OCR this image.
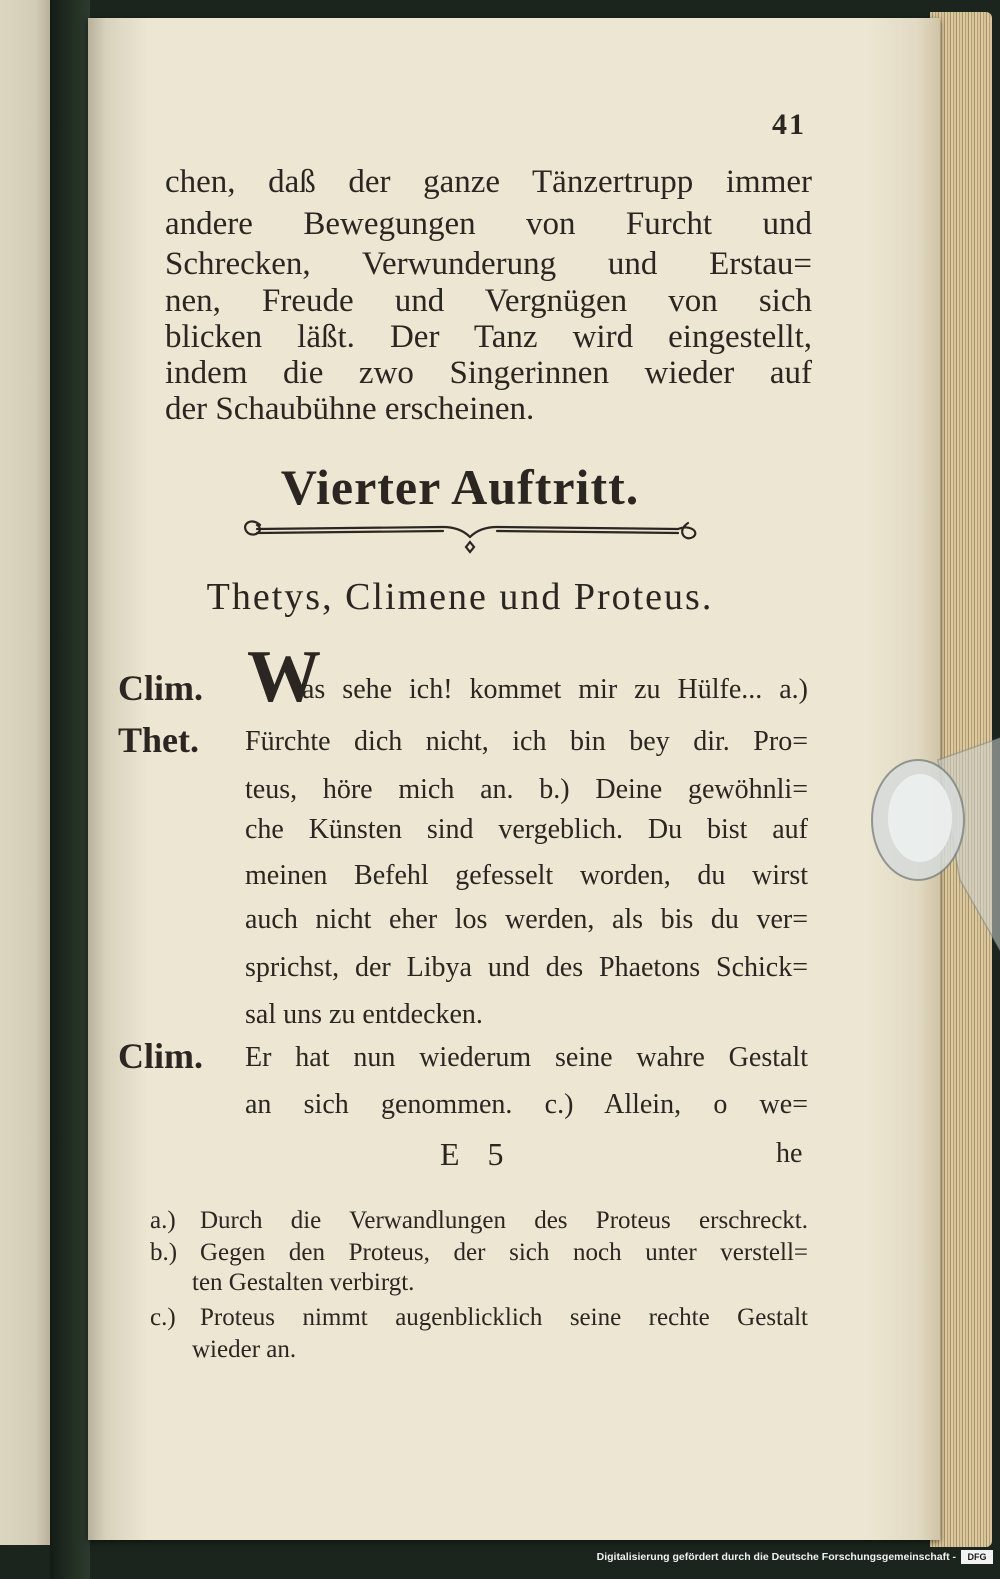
41

chen, daß der ganze Tänzertrupp immer

andere Bewegungen von Furcht und

Schrecken, Verwunderung und Erstau=

nen, Freude und Vergnügen von sich

blicken läßt. Der Tanz wird eingestellt,

indem die zwo Singerinnen wieder auf

der Schaubühne erscheinen.

Vierter Auftritt.

Thetys, Climene und Proteus.

Clim. W

as sehe ich! kommet mir zu Hülfe... a.)

Thet.	Fürchte dich nicht, ich bin bey dir. Pro=

teus, höre mich an. b.) Deine gewöhnli=

che Künsten sind vergeblich. Du bist auf

meinen Befehl gefesselt worden, du wirst

auch nicht eher los werden, als bis du ver=

sprichst, der Libya und des Phaetons Schick=

sal uns zu entdecken.

Clim.	Er hat nun wiederum seine wahre Gestalt

an sich genommen. c.) Allein, o we=

E 5	he

a.) Durch die Verwandlungen des Proteus erschreckt.

b.) Gegen den Proteus, der sich noch unter verstell=

ten Gestalten verbirgt.

c.) Proteus nimmt augenblicklich seine rechte Gestalt

wieder an.

Digitalisierung gefördert durch die Deutsche Forschungsgemeinschaft -	DFG
